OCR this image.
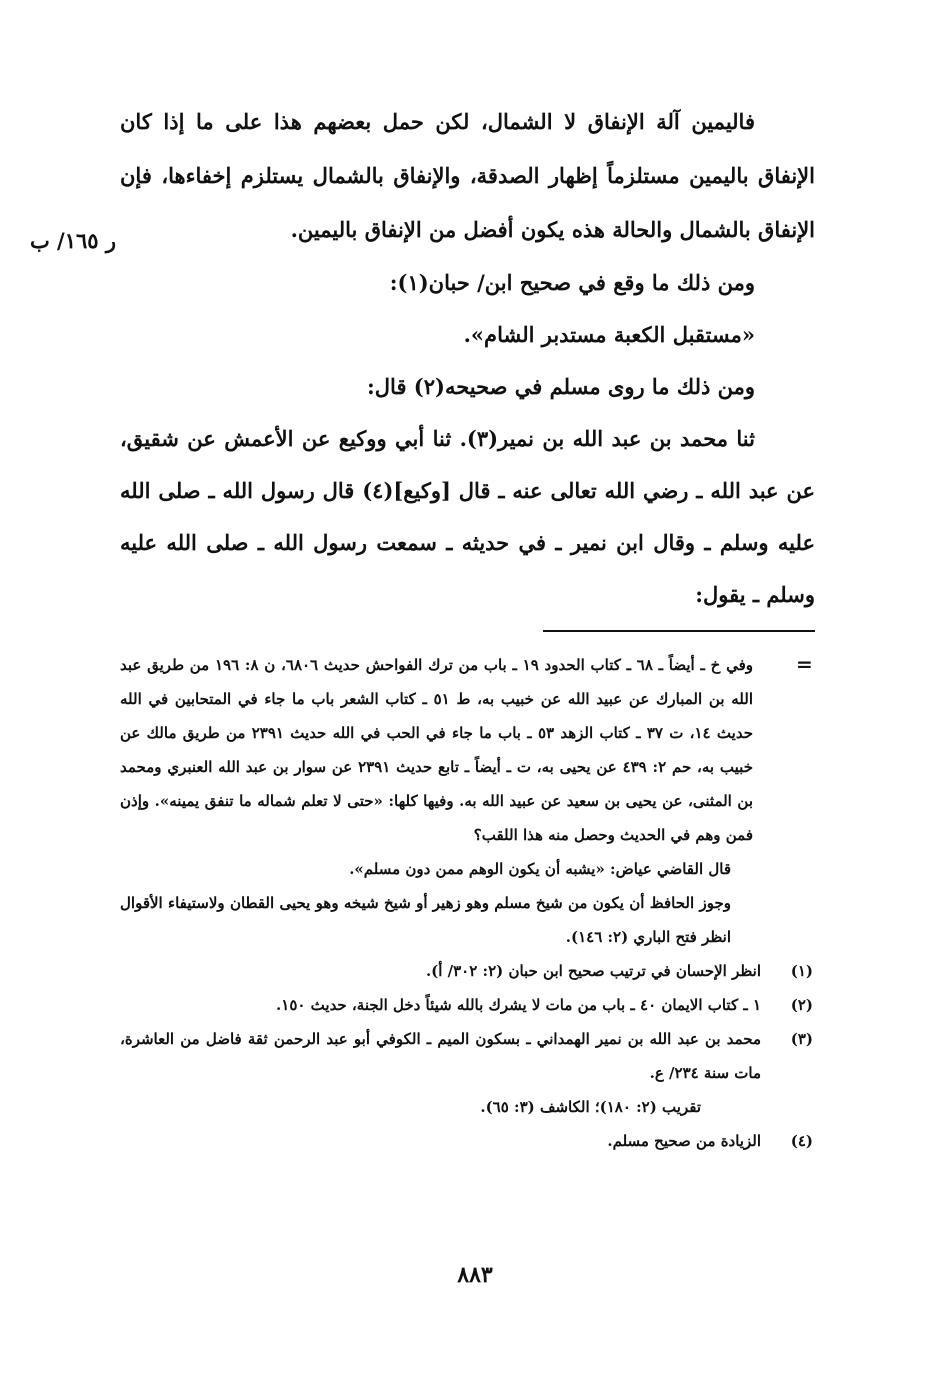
ر ١٦٥/ ب

فاليمين آلة الإنفاق لا الشمال، لكن حمل بعضهم هذا على ما إذا كان الإنفاق باليمين مستلزماً إظهار الصدقة، والإنفاق بالشمال يستلزم إخفاءها، فإن الإنفاق بالشمال والحالة هذه يكون أفضل من الإنفاق باليمين.

ومن ذلك ما وقع في صحيح ابن/ حبان(١):

«مستقبل الكعبة مستدبر الشام».

ومن ذلك ما روى مسلم في صحيحه(٢) قال:

ثنا محمد بن عبد الله بن نمير(٣). ثنا أبي ووكيع عن الأعمش عن شقيق، عن عبد الله ـ رضي الله تعالى عنه ـ قال [وكيع](٤) قال رسول الله ـ صلى الله عليه وسلم ـ وقال ابن نمير ـ في حديثه ـ سمعت رسول الله ـ صلى الله عليه وسلم ـ يقول:

=

وفي خ ـ أيضاً ـ ٦٨ ـ كتاب الحدود ١٩ ـ باب من ترك الفواحش حديث ٦٨٠٦، ن ٨: ١٩٦ من طريق عبد الله بن المبارك عن عبيد الله عن خبيب به، ط ٥١ ـ كتاب الشعر باب ما جاء في المتحابين في الله حديث ١٤، ت ٣٧ ـ كتاب الزهد ٥٣ ـ باب ما جاء في الحب في الله حديث ٢٣٩١ من طريق مالك عن خبيب به، حم ٢: ٤٣٩ عن يحيى به، ت ـ أيضاً ـ تابع حديث ٢٣٩١ عن سوار بن عبد الله العنبري ومحمد بن المثنى، عن يحيى بن سعيد عن عبيد الله به. وفيها كلها: «حتى لا تعلم شماله ما تنفق يمينه». وإذن فمن وهم في الحديث وحصل منه هذا اللقب؟

قال القاضي عياض: «يشبه أن يكون الوهم ممن دون مسلم».

وجوز الحافظ أن يكون من شيخ مسلم وهو زهير أو شيخ شيخه وهو يحيى القطان ولاستيفاء الأقوال انظر فتح الباري (٢: ١٤٦).

(١)
انظر الإحسان في ترتيب صحيح ابن حبان (٢: ٣٠٢/ أ).
(٢)
١ ـ كتاب الايمان ٤٠ ـ باب من مات لا يشرك بالله شيئاً دخل الجنة، حديث ١٥٠.
(٣)
محمد بن عبد الله بن نمير الهمداني ـ بسكون الميم ـ الكوفي أبو عبد الرحمن ثقة فاضل من العاشرة، مات سنة ٢٣٤/ ع.

تقريب (٢: ١٨٠)؛ الكاشف (٣: ٦٥).

(٤)
الزيادة من صحيح مسلم.
٨٨٣
